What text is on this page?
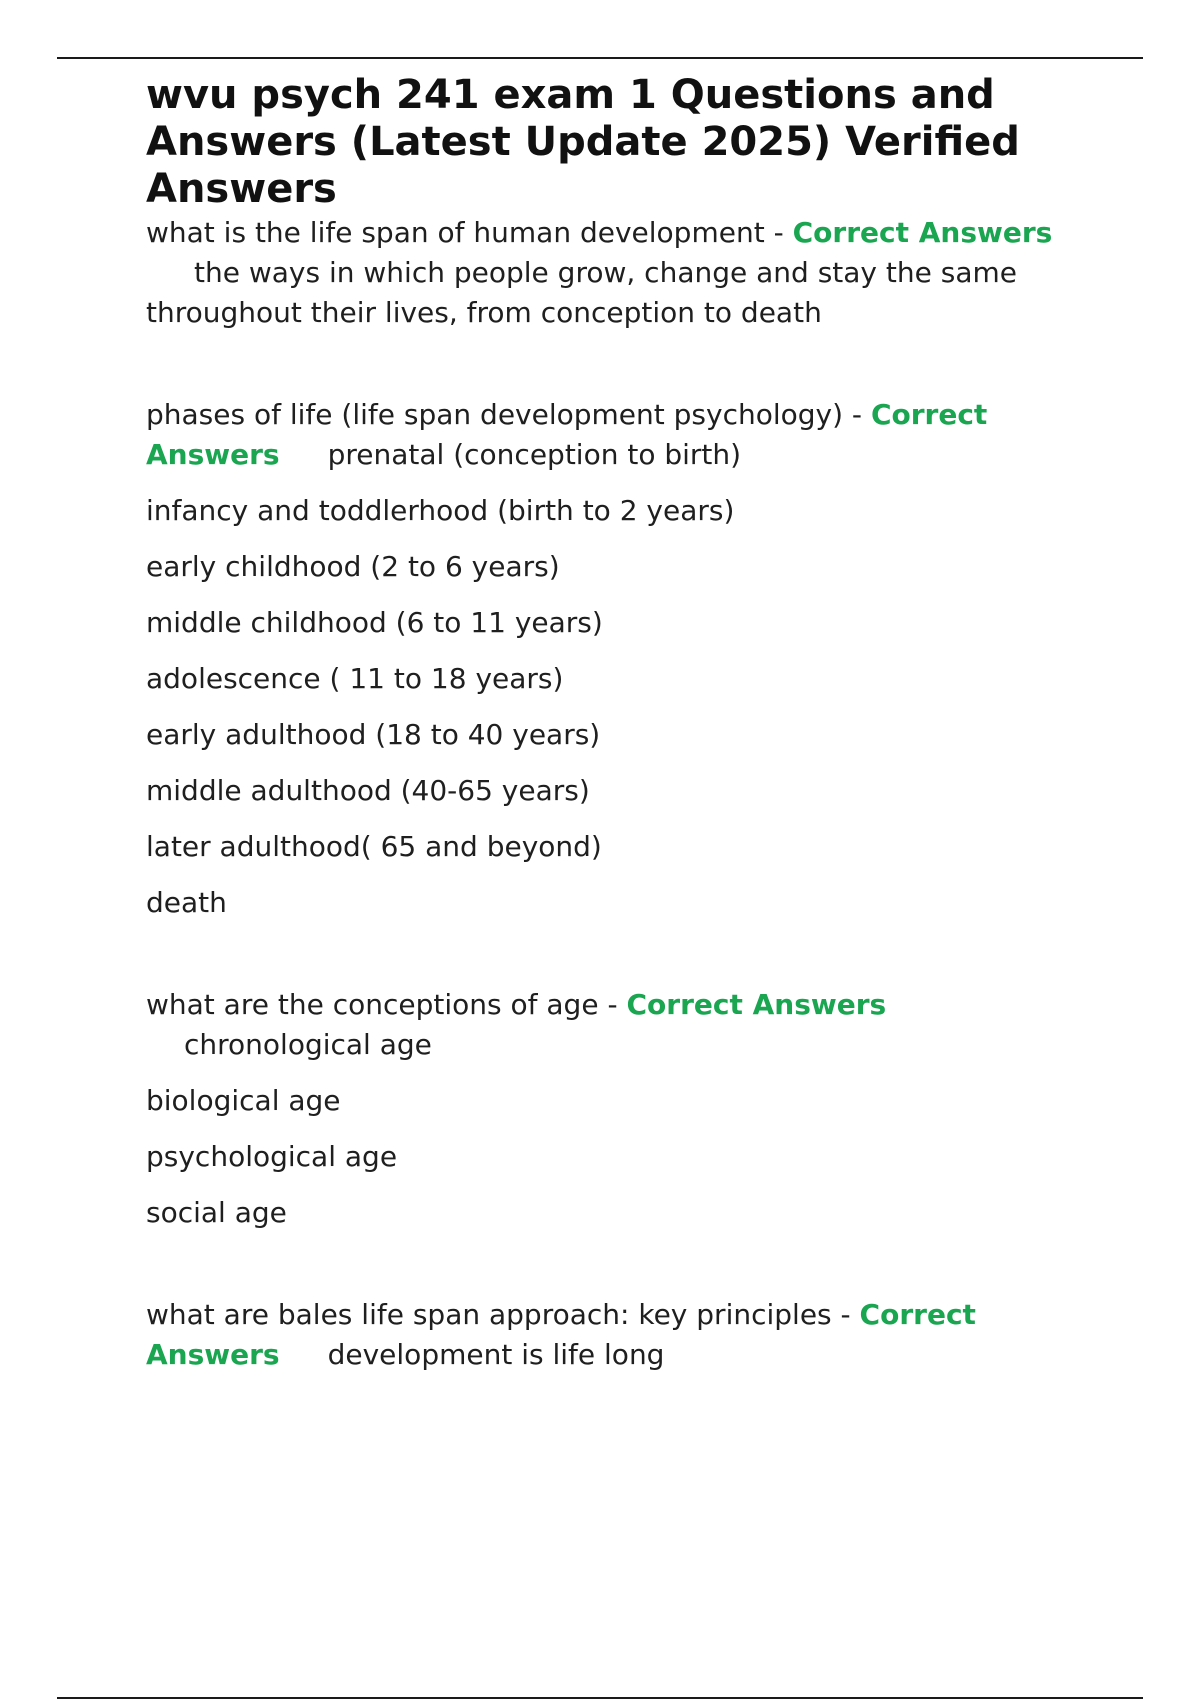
wvu psych 241 exam 1 Questions and Answers (Latest Update 2025) Verified Answers

what is the life span of human development - Correct Answersthe ways in which people grow, change and stay the same throughout their lives, from conception to death

phases of life (life span development psychology) - Correct Answers prenatal (conception to birth)

infancy and toddlerhood (birth to 2 years)

early childhood (2 to 6 years)

middle childhood (6 to 11 years)

adolescence ( 11 to 18 years)

early adulthood (18 to 40 years)

middle adulthood (40-65 years)

later adulthood( 65 and beyond)

death

what are the conceptions of age - Correct Answers
chronological age

biological age

psychological age

social age

what are bales life span approach: key principles - Correct Answers development is life long
